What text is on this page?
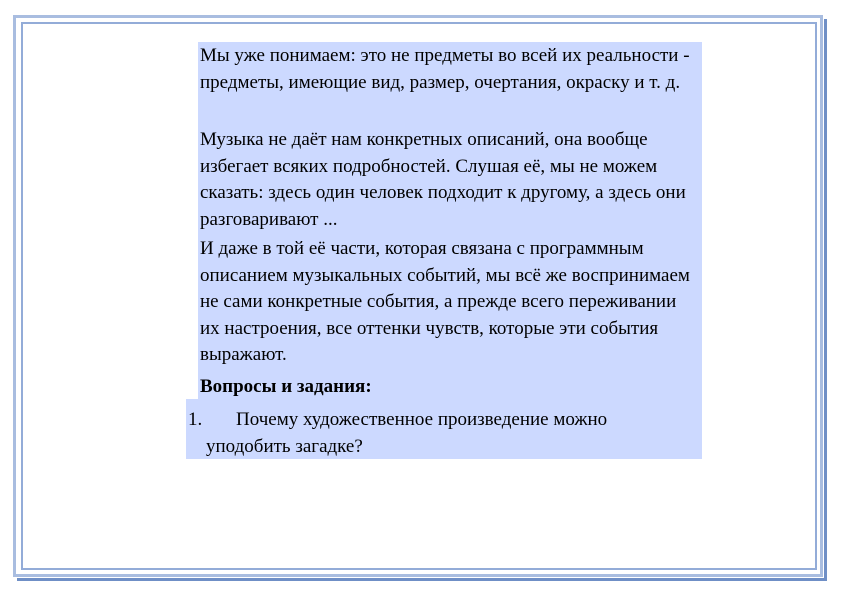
Мы уже понимаем: это не предметы во всей их реальности - предметы, имеющие вид, размер, очертания, окраску и т. д.

Музыка не даёт нам конкретных описаний, она вообще избегает всяких подробностей. Слушая её, мы не можем сказать: здесь один человек подходит к другому, а здесь они разговаривают ...

И даже в той её части, которая связана с программным описанием музыкальных событий, мы всё же воспринимаем не сами конкретные события, а прежде всего переживании их настроения, все оттенки чувств, которые эти события выражают.

Вопросы и задания:

1. Почему художественное произведение можно
уподобить загадке?
